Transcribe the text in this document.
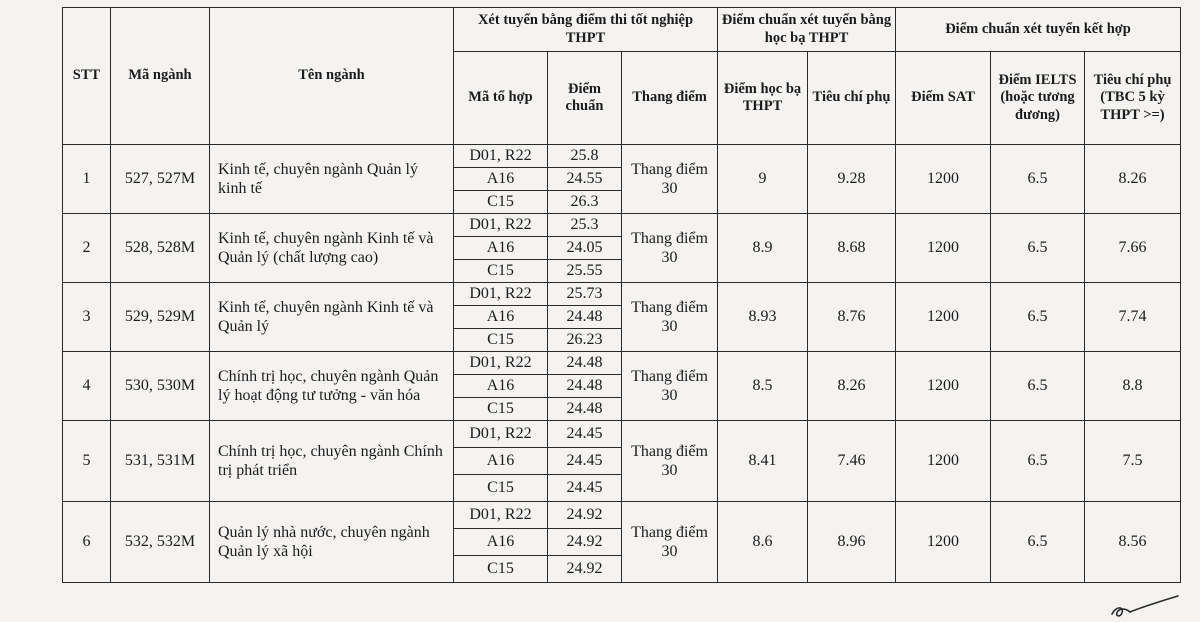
STT	Mã ngành	Tên ngành	Xét tuyển bằng điểm thi tốt nghiệp THPT			Điểm chuẩn xét tuyển bằng học bạ THPT		Điểm chuẩn xét tuyển kết hợp		
			Mã tổ hợp	Điểm chuẩn	Thang điểm	Điểm học bạ THPT	Tiêu chí phụ	Điểm SAT	Điểm IELTS (hoặc tương đương)	Tiêu chí phụ (TBC 5 kỳ THPT >=)
1	527, 527M	Kinh tế, chuyên ngành Quản lý kinh tế	D01, R22	25.8	Thang điểm 30	9	9.28	1200	6.5	8.26
			A16	24.55						
			C15	26.3						
2	528, 528M	Kinh tế, chuyên ngành Kinh tế và Quản lý (chất lượng cao)	D01, R22	25.3	Thang điểm 30	8.9	8.68	1200	6.5	7.66
			A16	24.05						
			C15	25.55						
3	529, 529M	Kinh tế, chuyên ngành Kinh tế và Quản lý	D01, R22	25.73	Thang điểm 30	8.93	8.76	1200	6.5	7.74
			A16	24.48						
			C15	26.23						
4	530, 530M	Chính trị học, chuyên ngành Quản lý hoạt động tư tưởng - văn hóa	D01, R22	24.48	Thang điểm 30	8.5	8.26	1200	6.5	8.8
			A16	24.48						
			C15	24.48						
5	531, 531M	Chính trị học, chuyên ngành Chính trị phát triển	D01, R22	24.45	Thang điểm 30	8.41	7.46	1200	6.5	7.5
			A16	24.45						
			C15	24.45						
6	532, 532M	Quản lý nhà nước, chuyên ngành Quản lý xã hội	D01, R22	24.92	Thang điểm 30	8.6	8.96	1200	6.5	8.56
			A16	24.92						
			C15	24.92						
